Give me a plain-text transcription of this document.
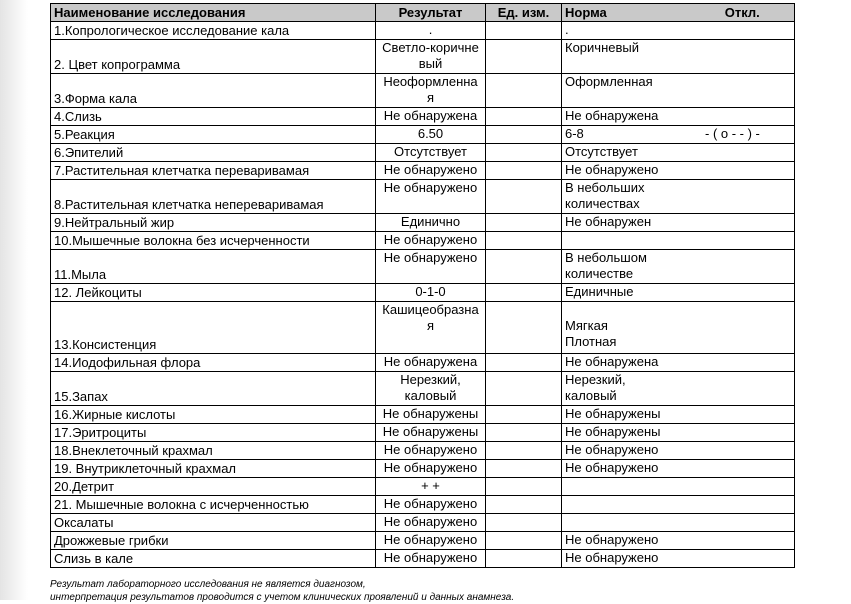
Наименование исследования	Результат	Ед. изм.	Норма Откл.

1.Копрологическое исследование кала	.		.

2. Цвет копрограмма	Светло-коричне
вый		Коричневый

3.Форма кала	Неоформленна
я		Оформленная

4.Слизь	Не обнаружена		Не обнаружена

5.Реакция	6.50		6-8 - ( о - - ) -

6.Эпителий	Отсутствует		Отсутствует

7.Растительная клетчатка переваривамая	Не обнаружено		Не обнаружено

8.Растительная клетчатка непереваривамая	Не обнаружено		В небольших
количествах

9.Нейтральный жир	Единично		Не обнаружен

10.Мышечные волокна без исчерченности	Не обнаружено		

11.Мыла	Не обнаружено		В небольшом
количестве

12. Лейкоциты	0-1-0		Единичные

13.Консистенция	Кашицеобразна
я		Мягкая
Плотная

14.Иодофильная флора	Не обнаружена		Не обнаружена

15.Запах	Нерезкий,
каловый		Нерезкий,
каловый

16.Жирные кислоты	Не обнаружены		Не обнаружены

17.Эритроциты	Не обнаружены		Не обнаружены

18.Внеклеточный крахмал	Не обнаружено		Не обнаружено

19. Внутриклеточный крахмал	Не обнаружено		Не обнаружено

20.Детрит	+ +		

21. Мышечные волокна с исчерченностью	Не обнаружено		

Оксалаты	Не обнаружено		

Дрожжевые грибки	Не обнаружено		Не обнаружено

Слизь в кале	Не обнаружено		Не обнаружено
Результат лабораторного исследования не является диагнозом,
интерпретация результатов проводится с учетом клинических проявлений и данных анамнеза.
